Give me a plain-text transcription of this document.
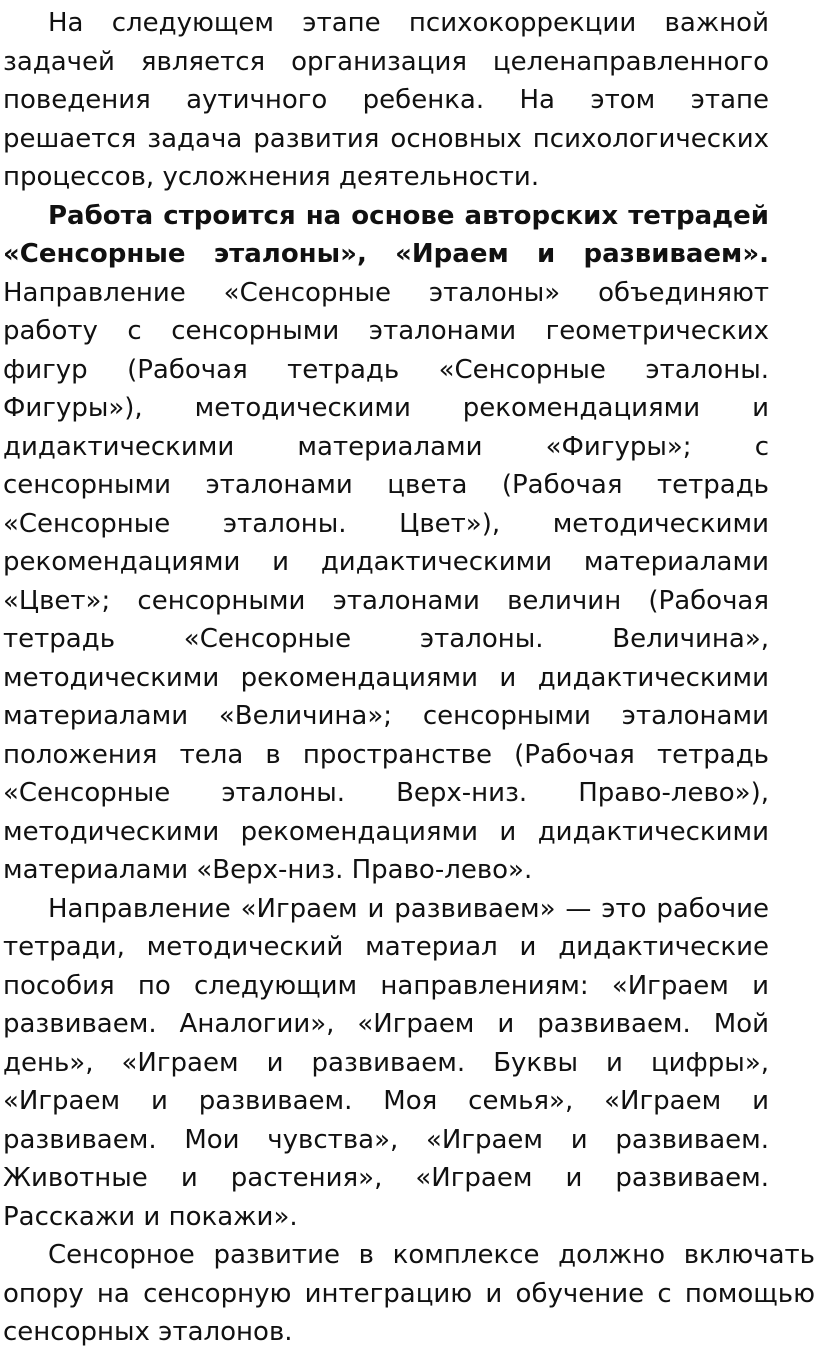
На следующем этапе психокоррекции важной задачей является организация целенаправленного поведения аутичного ребенка. На этом этапе решается задача развития основных психологических процессов, усложнения деятельности.

Работа строится на основе авторских тетрадей «Сенсорные эталоны», «Ираем и развиваем». Направление «Сенсорные эталоны» объединяют работу с сенсорными эталонами геометрических фигур (Рабочая тетрадь «Сенсорные эталоны. Фигуры»), методическими рекомендациями и дидактическими материалами «Фигуры»; с сенсорными эталонами цвета (Рабочая тетрадь «Сенсорные эталоны. Цвет»), методическими рекомендациями и дидактическими материалами «Цвет»; сенсорными эталонами величин (Рабочая тетрадь «Сенсорные эталоны. Величина», методическими рекомендациями и дидактическими материалами «Величина»; сенсорными эталонами положения тела в пространстве (Рабочая тетрадь «Сенсорные эталоны. Верх-низ. Право-лево»), методическими рекомендациями и дидактическими материалами «Верх-низ. Право-лево».

Направление «Играем и развиваем» — это рабочие тетради, методический материал и дидактические пособия по следующим направлениям: «Играем и развиваем. Аналогии», «Играем и развиваем. Мой день», «Играем и развиваем. Буквы и цифры», «Играем и развиваем. Моя семья», «Играем и развиваем. Мои чувства», «Играем и развиваем. Животные и растения», «Играем и развиваем. Расскажи и покажи».

Сенсорное развитие в комплексе должно включать опору на сенсорную интеграцию и обучение с помощью сенсорных эталонов.
